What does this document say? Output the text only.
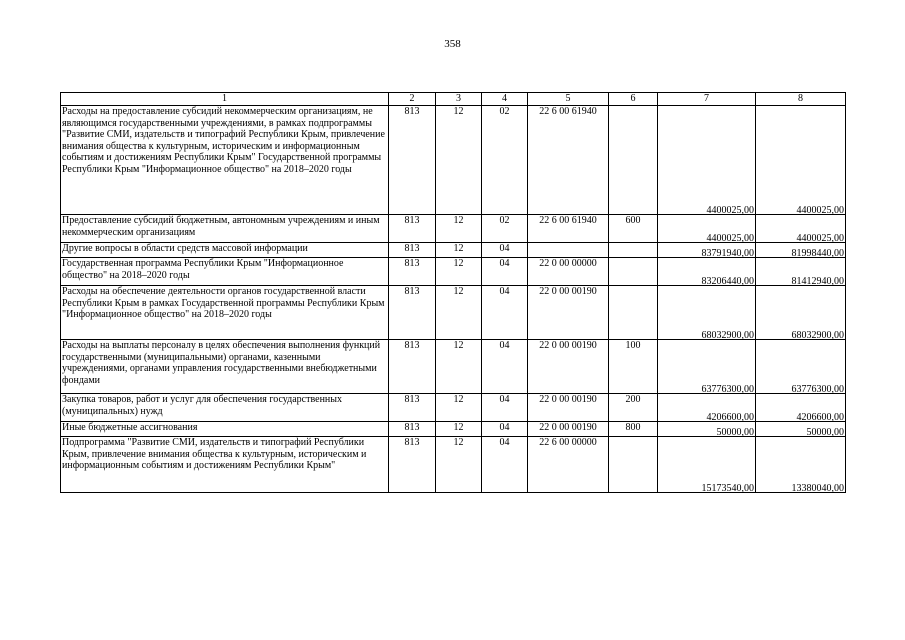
358
1	2	3	4	5	6	7	8
Расходы на предоставление субсидий некоммерческим организациям, не являющимся государственными учреждениями, в рамках подпрограммы "Развитие СМИ, издательств и типографий Республики Крым, привлечение внимания общества к культурным, историческим и информационным событиям и достижениям Республики Крым" Государственной программы Республики Крым "Информационное общество" на 2018–2020 годы	813	12	02	22 6 00 61940		4400025,00	4400025,00

Предоставление субсидий бюджетным, автономным учреждениям и иным некоммерческим организациям	813	12	02	22 6 00 61940	600	4400025,00	4400025,00

Другие вопросы в области средств массовой информации	813	12	04			83791940,00	81998440,00

Государственная программа Республики Крым "Информационное общество" на 2018–2020 годы	813	12	04	22 0 00 00000		83206440,00	81412940,00

Расходы на обеспечение деятельности органов государственной власти Республики Крым в рамках Государственной программы Республики Крым "Информационное общество" на 2018–2020 годы	813	12	04	22 0 00 00190		68032900,00	68032900,00

Расходы на выплаты персоналу в целях обеспечения выполнения функций государственными (муниципальными) органами, казенными учреждениями, органами управления государственными внебюджетными фондами	813	12	04	22 0 00 00190	100	63776300,00	63776300,00

Закупка товаров, работ и услуг для обеспечения государственных (муниципальных) нужд	813	12	04	22 0 00 00190	200	4206600,00	4206600,00

Иные бюджетные ассигнования	813	12	04	22 0 00 00190	800	50000,00	50000,00

Подпрограмма "Развитие СМИ, издательств и типографий Республики Крым, привлечение внимания общества к культурным, историческим и информационным событиям и достижениям Республики Крым"	813	12	04	22 6 00 00000		15173540,00	13380040,00
